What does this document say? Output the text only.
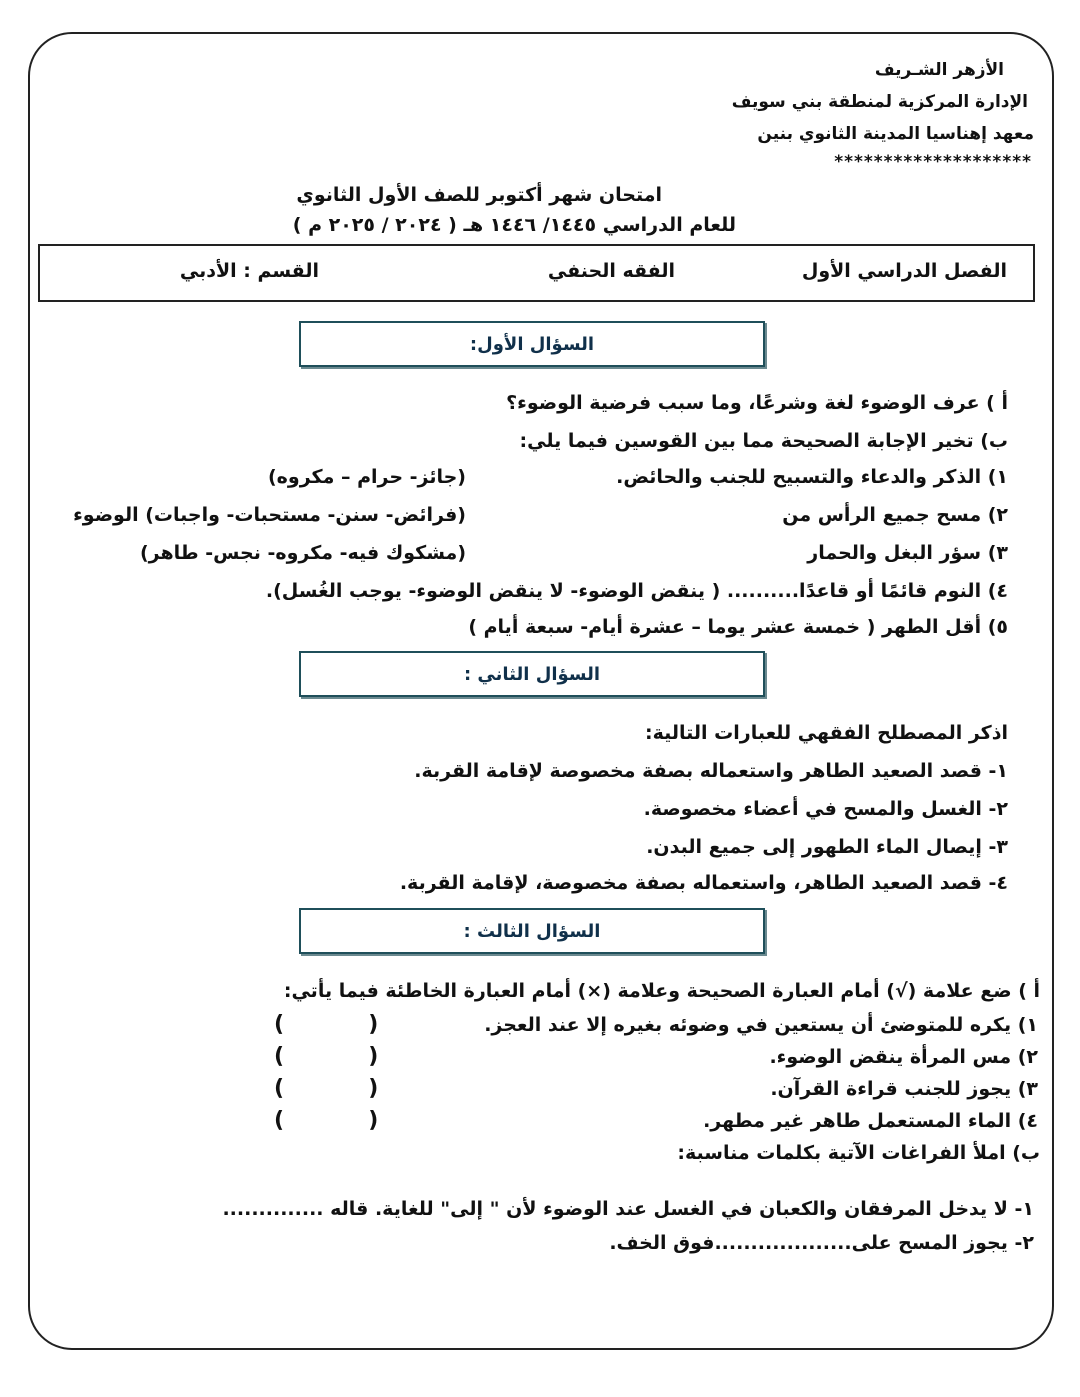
الأزهر الشـريف
الإدارة المركزية لمنطقة بني سويف
معهد إهناسيا المدينة الثانوي بنين
********************
امتحان شهر أكتوبر للصف الأول الثانوي
للعام الدراسي ١٤٤٥/ ١٤٤٦ هـ ( ٢٠٢٤ / ٢٠٢٥ م )
الفصل الدراسي الأول
الفقه الحنفي
القسم : الأدبي
السؤال الأول:
أ ) عرف الوضوء لغة وشرعًا، وما سبب فرضية الوضوء؟
ب) تخير الإجابة الصحيحة مما بين القوسين فيما يلي:
١) الذكر والدعاء والتسبيح للجنب والحائض.
(جائز- حرام – مكروه)
٢) مسح جميع الرأس من
(فرائض- سنن- مستحبات- واجبات) الوضوء
٣) سؤر البغل والحمار
(مشكوك فيه- مكروه- نجس- طاهر)
٤) النوم قائمًا أو قاعدًا.......... ( ينقض الوضوء- لا ينقض الوضوء- يوجب الغُسل).
٥) أقل الطهر ( خمسة عشر يوما – عشرة أيام- سبعة أيام )
السؤال الثاني :
اذكر المصطلح الفقهي للعبارات التالية:
١- قصد الصعيد الطاهر واستعماله بصفة مخصوصة لإقامة القربة.
٢- الغسل والمسح في أعضاء مخصوصة.
٣- إيصال الماء الطهور إلى جميع البدن.
٤- قصد الصعيد الطاهر، واستعماله بصفة مخصوصة، لإقامة القربة.
السؤال الثالث :
أ ) ضع علامة (√) أمام العبارة الصحيحة وعلامة (×) أمام العبارة الخاطئة فيما يأتي:
١) يكره للمتوضئ أن يستعين في وضوئه بغيره إلا عند العجز.
(           )
٢) مس المرأة ينقض الوضوء.
(           )
٣) يجوز للجنب قراءة القرآن.
(           )
٤) الماء المستعمل طاهر غير مطهر.
(           )
ب) املأ الفراغات الآتية بكلمات مناسبة:
١- لا يدخل المرفقان والكعبان في الغسل عند الوضوء لأن " إلى" للغاية. قاله ..............
٢- يجوز المسح على...................فوق الخف.
